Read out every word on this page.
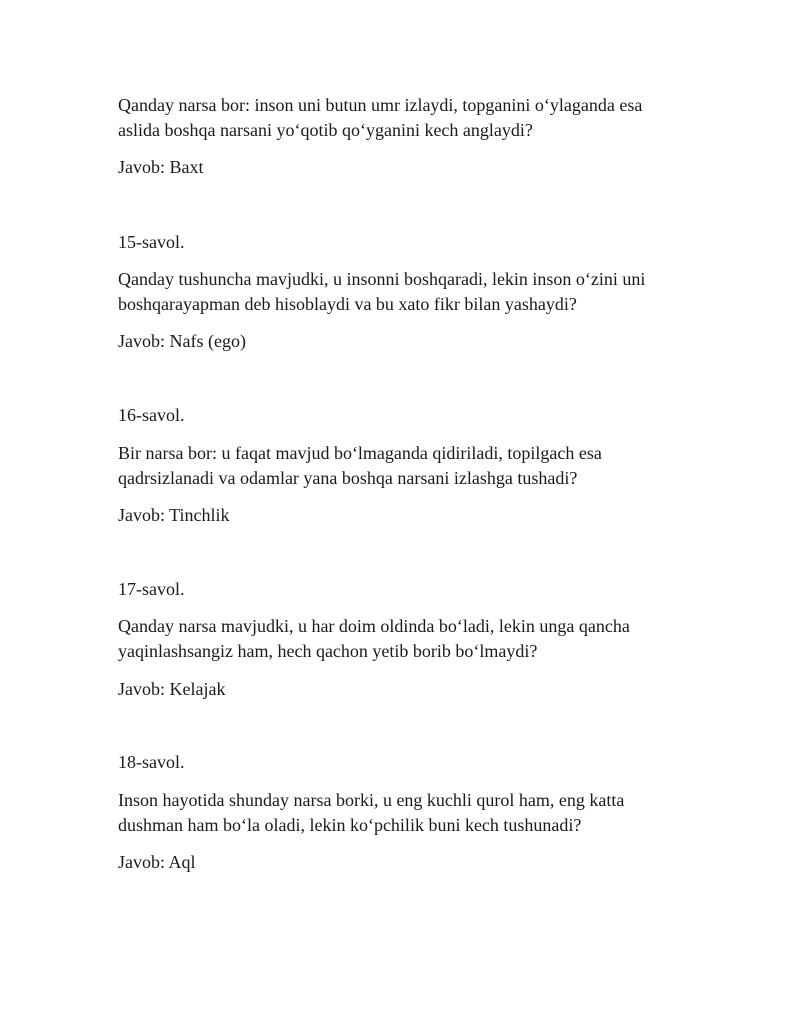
Qanday narsa bor: inson uni butun umr izlaydi, topganini o‘ylaganda esa
aslida boshqa narsani yo‘qotib qo‘yganini kech anglaydi?
Javob: Baxt
15-savol.
Qanday tushuncha mavjudki, u insonni boshqaradi, lekin inson o‘zini uni
boshqarayapman deb hisoblaydi va bu xato fikr bilan yashaydi?
Javob: Nafs (ego)
16-savol.
Bir narsa bor: u faqat mavjud bo‘lmaganda qidiriladi, topilgach esa
qadrsizlanadi va odamlar yana boshqa narsani izlashga tushadi?
Javob: Tinchlik
17-savol.
Qanday narsa mavjudki, u har doim oldinda bo‘ladi, lekin unga qancha
yaqinlashsangiz ham, hech qachon yetib borib bo‘lmaydi?
Javob: Kelajak
18-savol.
Inson hayotida shunday narsa borki, u eng kuchli qurol ham, eng katta
dushman ham bo‘la oladi, lekin ko‘pchilik buni kech tushunadi?
Javob: Aql
